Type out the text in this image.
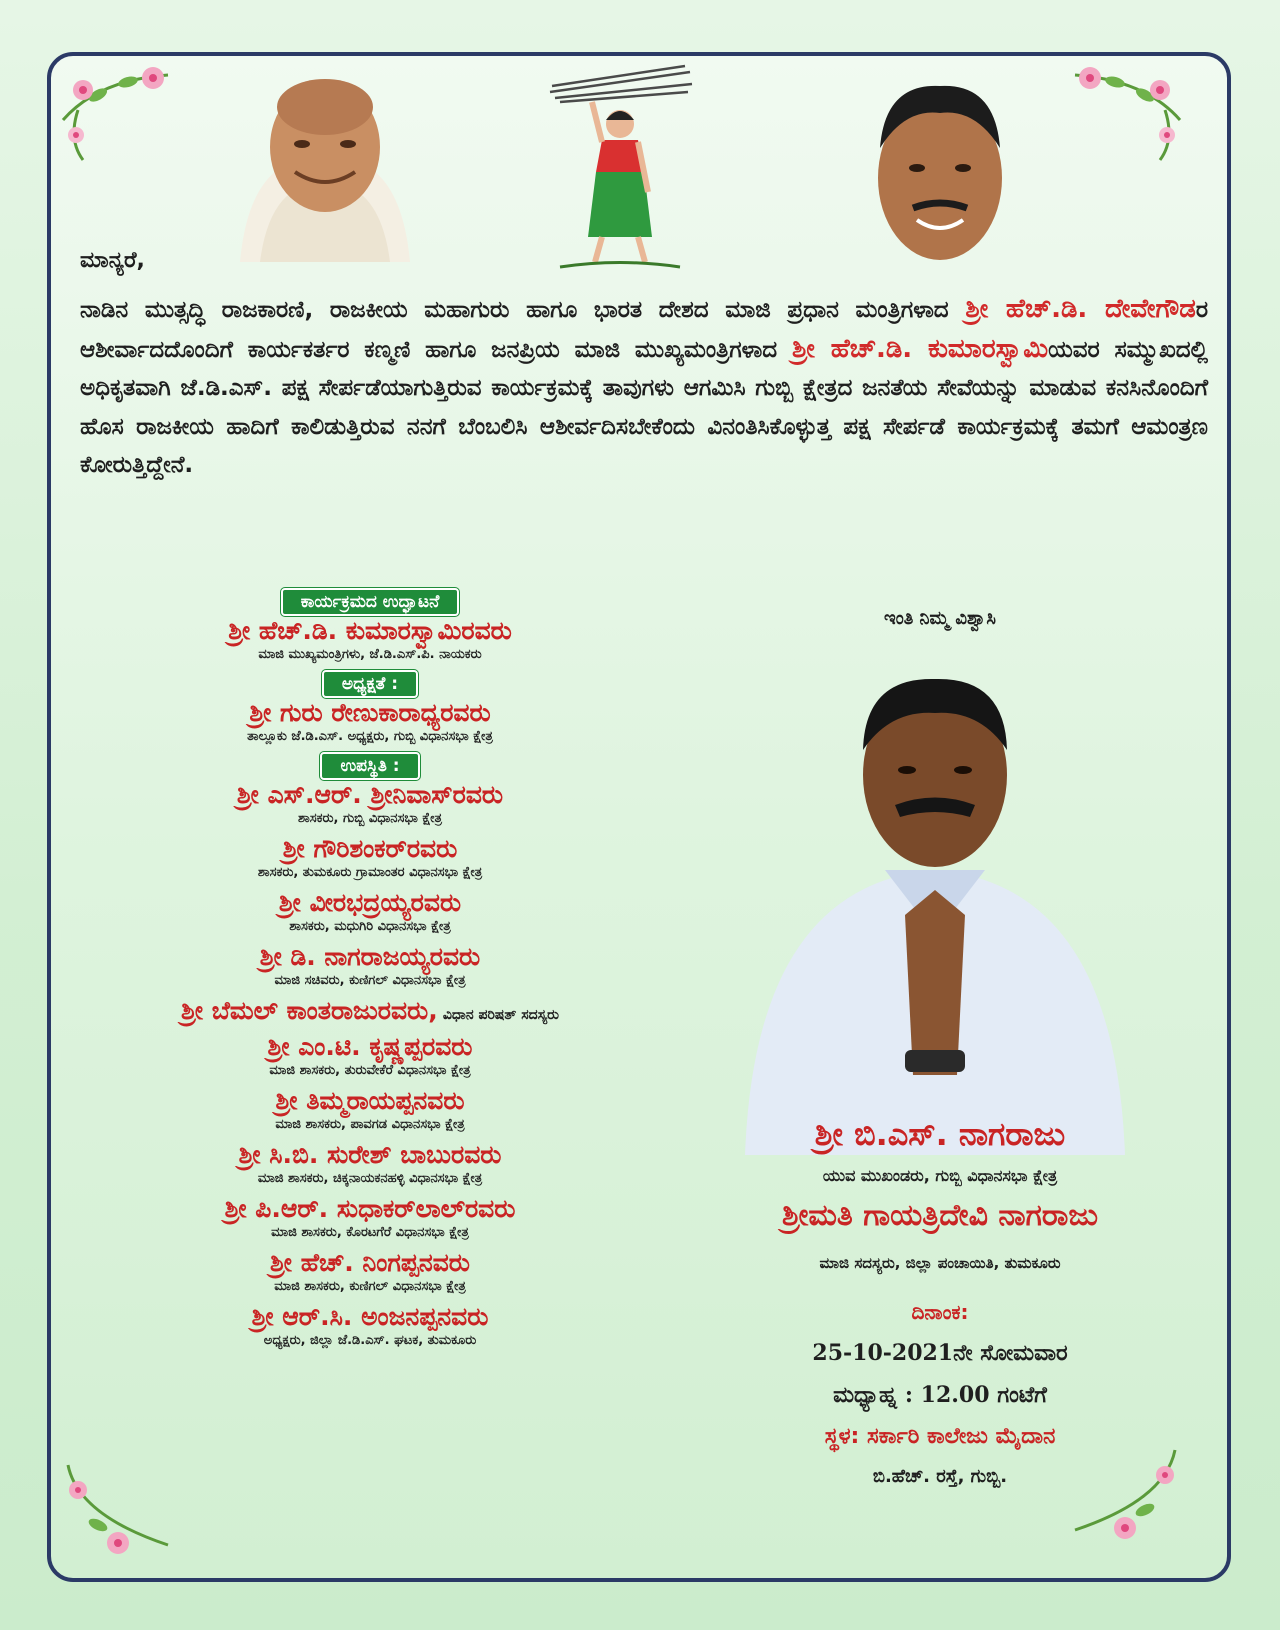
ಮಾನ್ಯರೆ,
ನಾಡಿನ ಮುತ್ಸದ್ಧಿ ರಾಜಕಾರಣಿ, ರಾಜಕೀಯ ಮಹಾಗುರು ಹಾಗೂ ಭಾರತ ದೇಶದ ಮಾಜಿ ಪ್ರಧಾನ ಮಂತ್ರಿಗಳಾದ ಶ್ರೀ ಹೆಚ್.ಡಿ. ದೇವೇಗೌಡರ ಆಶೀರ್ವಾದದೊಂದಿಗೆ ಕಾರ್ಯಕರ್ತರ ಕಣ್ಮಣಿ ಹಾಗೂ ಜನಪ್ರಿಯ ಮಾಜಿ ಮುಖ್ಯಮಂತ್ರಿಗಳಾದ ಶ್ರೀ ಹೆಚ್.ಡಿ. ಕುಮಾರಸ್ವಾಮಿಯವರ ಸಮ್ಮುಖದಲ್ಲಿ ಅಧಿಕೃತವಾಗಿ ಜೆ.ಡಿ.ಎಸ್. ಪಕ್ಷ ಸೇರ್ಪಡೆಯಾಗುತ್ತಿರುವ ಕಾರ್ಯಕ್ರಮಕ್ಕೆ ತಾವುಗಳು ಆಗಮಿಸಿ ಗುಬ್ಬಿ ಕ್ಷೇತ್ರದ ಜನತೆಯ ಸೇವೆಯನ್ನು ಮಾಡುವ ಕನಸಿನೊಂದಿಗೆ ಹೊಸ ರಾಜಕೀಯ ಹಾದಿಗೆ ಕಾಲಿಡುತ್ತಿರುವ ನನಗೆ ಬೆಂಬಲಿಸಿ ಆಶೀರ್ವದಿಸಬೇಕೆಂದು ವಿನಂತಿಸಿಕೊಳ್ಳುತ್ತ ಪಕ್ಷ ಸೇರ್ಪಡೆ ಕಾರ್ಯಕ್ರಮಕ್ಕೆ ತಮಗೆ ಆಮಂತ್ರಣ ಕೋರುತ್ತಿದ್ದೇನೆ.
ಕಾರ್ಯಕ್ರಮದ ಉದ್ಘಾಟನೆ
ಶ್ರೀ ಹೆಚ್.ಡಿ. ಕುಮಾರಸ್ವಾಮಿರವರು
ಮಾಜಿ ಮುಖ್ಯಮಂತ್ರಿಗಳು, ಜೆ.ಡಿ.ಎಸ್.ಪಿ. ನಾಯಕರು
ಅಧ್ಯಕ್ಷತೆ :
ಶ್ರೀ ಗುರು ರೇಣುಕಾರಾಧ್ಯರವರು
ತಾಲ್ಲೂಕು ಜೆ.ಡಿ.ಎಸ್. ಅಧ್ಯಕ್ಷರು, ಗುಬ್ಬಿ ವಿಧಾನಸಭಾ ಕ್ಷೇತ್ರ
ಉಪಸ್ಥಿತಿ :
ಶ್ರೀ ಎಸ್.ಆರ್. ಶ್ರೀನಿವಾಸ್‌ರವರು
ಶಾಸಕರು, ಗುಬ್ಬಿ ವಿಧಾನಸಭಾ ಕ್ಷೇತ್ರ
ಶ್ರೀ ಗೌರಿಶಂಕರ್‌ರವರು
ಶಾಸಕರು, ತುಮಕೂರು ಗ್ರಾಮಾಂತರ ವಿಧಾನಸಭಾ ಕ್ಷೇತ್ರ
ಶ್ರೀ ವೀರಭದ್ರಯ್ಯರವರು
ಶಾಸಕರು, ಮಧುಗಿರಿ ವಿಧಾನಸಭಾ ಕ್ಷೇತ್ರ
ಶ್ರೀ ಡಿ. ನಾಗರಾಜಯ್ಯರವರು
ಮಾಜಿ ಸಚಿವರು, ಕುಣಿಗಲ್ ವಿಧಾನಸಭಾ ಕ್ಷೇತ್ರ
ಶ್ರೀ ಬೆಮಲ್ ಕಾಂತರಾಜುರವರು, ವಿಧಾನ ಪರಿಷತ್ ಸದಸ್ಯರು
ಶ್ರೀ ಎಂ.ಟಿ. ಕೃಷ್ಣಪ್ಪರವರು
ಮಾಜಿ ಶಾಸಕರು, ತುರುವೇಕೆರೆ ವಿಧಾನಸಭಾ ಕ್ಷೇತ್ರ
ಶ್ರೀ ತಿಮ್ಮರಾಯಪ್ಪನವರು
ಮಾಜಿ ಶಾಸಕರು, ಪಾವಗಡ ವಿಧಾನಸಭಾ ಕ್ಷೇತ್ರ
ಶ್ರೀ ಸಿ.ಬಿ. ಸುರೇಶ್ ಬಾಬುರವರು
ಮಾಜಿ ಶಾಸಕರು, ಚಿಕ್ಕನಾಯಕನಹಳ್ಳಿ ವಿಧಾನಸಭಾ ಕ್ಷೇತ್ರ
ಶ್ರೀ ಪಿ.ಆರ್. ಸುಧಾಕರ್‌ಲಾಲ್‌ರವರು
ಮಾಜಿ ಶಾಸಕರು, ಕೊರಟಗೆರೆ ವಿಧಾನಸಭಾ ಕ್ಷೇತ್ರ
ಶ್ರೀ ಹೆಚ್. ನಿಂಗಪ್ಪನವರು
ಮಾಜಿ ಶಾಸಕರು, ಕುಣಿಗಲ್ ವಿಧಾನಸಭಾ ಕ್ಷೇತ್ರ
ಶ್ರೀ ಆರ್.ಸಿ. ಅಂಜನಪ್ಪನವರು
ಅಧ್ಯಕ್ಷರು, ಜಿಲ್ಲಾ ಜೆ.ಡಿ.ಎಸ್. ಘಟಕ, ತುಮಕೂರು
ಇಂತಿ ನಿಮ್ಮ ವಿಶ್ವಾಸಿ
ಶ್ರೀ ಬಿ.ಎಸ್. ನಾಗರಾಜು
ಯುವ ಮುಖಂಡರು, ಗುಬ್ಬಿ ವಿಧಾನಸಭಾ ಕ್ಷೇತ್ರ
ಶ್ರೀಮತಿ ಗಾಯತ್ರಿದೇವಿ ನಾಗರಾಜು
ಮಾಜಿ ಸದಸ್ಯರು, ಜಿಲ್ಲಾ ಪಂಚಾಯಿತಿ, ತುಮಕೂರು
ದಿನಾಂಕ:
25-10-2021ನೇ ಸೋಮವಾರ
ಮಧ್ಯಾಹ್ನ : 12.00 ಗಂಟೆಗೆ
ಸ್ಥಳ: ಸರ್ಕಾರಿ ಕಾಲೇಜು ಮೈದಾನ
ಬಿ.ಹೆಚ್. ರಸ್ತೆ, ಗುಬ್ಬಿ.
